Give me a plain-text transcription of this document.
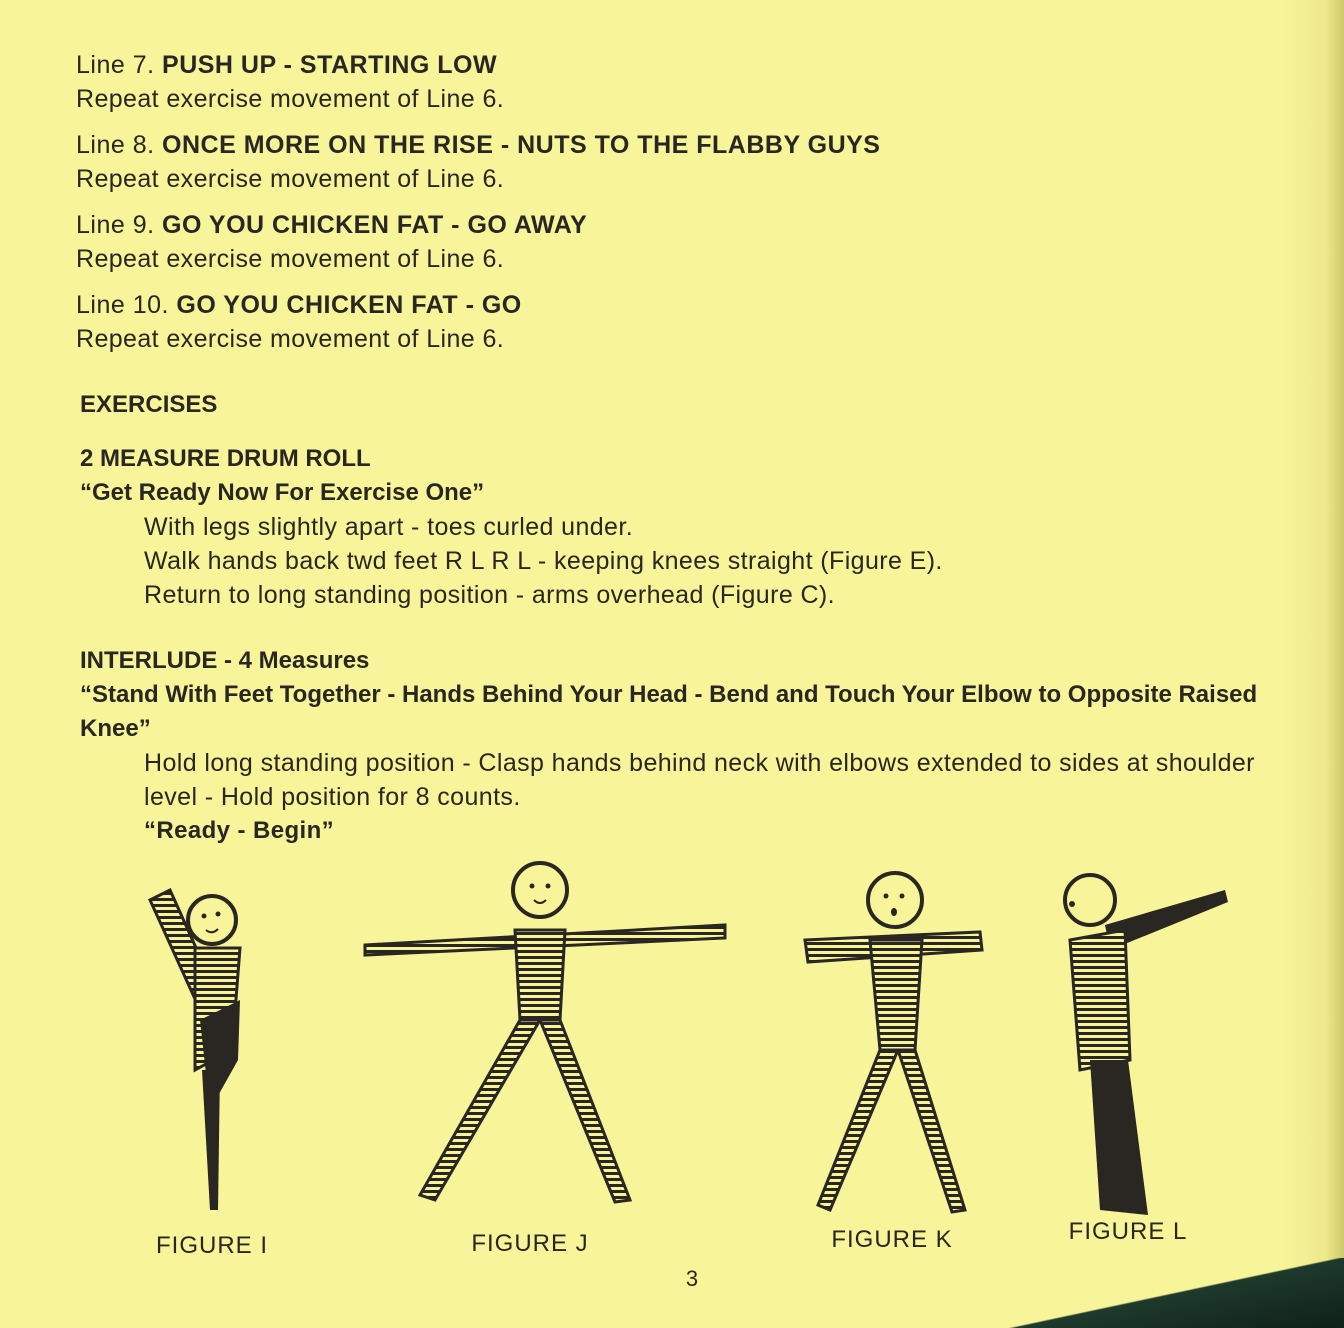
Line 7. PUSH UP - STARTING LOW
Repeat exercise movement of Line 6.
Line 8. ONCE MORE ON THE RISE - NUTS TO THE FLABBY GUYS
Repeat exercise movement of Line 6.
Line 9. GO YOU CHICKEN FAT - GO AWAY
Repeat exercise movement of Line 6.
Line 10. GO YOU CHICKEN FAT - GO
Repeat exercise movement of Line 6.
EXERCISES
2 MEASURE DRUM ROLL
“Get Ready Now For Exercise One”
With legs slightly apart - toes curled under.
Walk hands back twd feet R L R L - keeping knees straight (Figure E).
Return to long standing position - arms overhead (Figure C).
INTERLUDE - 4 Measures
“Stand With Feet Together - Hands Behind Your Head - Bend and Touch Your Elbow to Opposite Raised Knee”
Hold long standing position - Clasp hands behind neck with elbows extended to sides at shoulder level - Hold position for 8 counts.
“Ready - Begin”
FIGURE I	FIGURE J	FIGURE K	FIGURE L
3
